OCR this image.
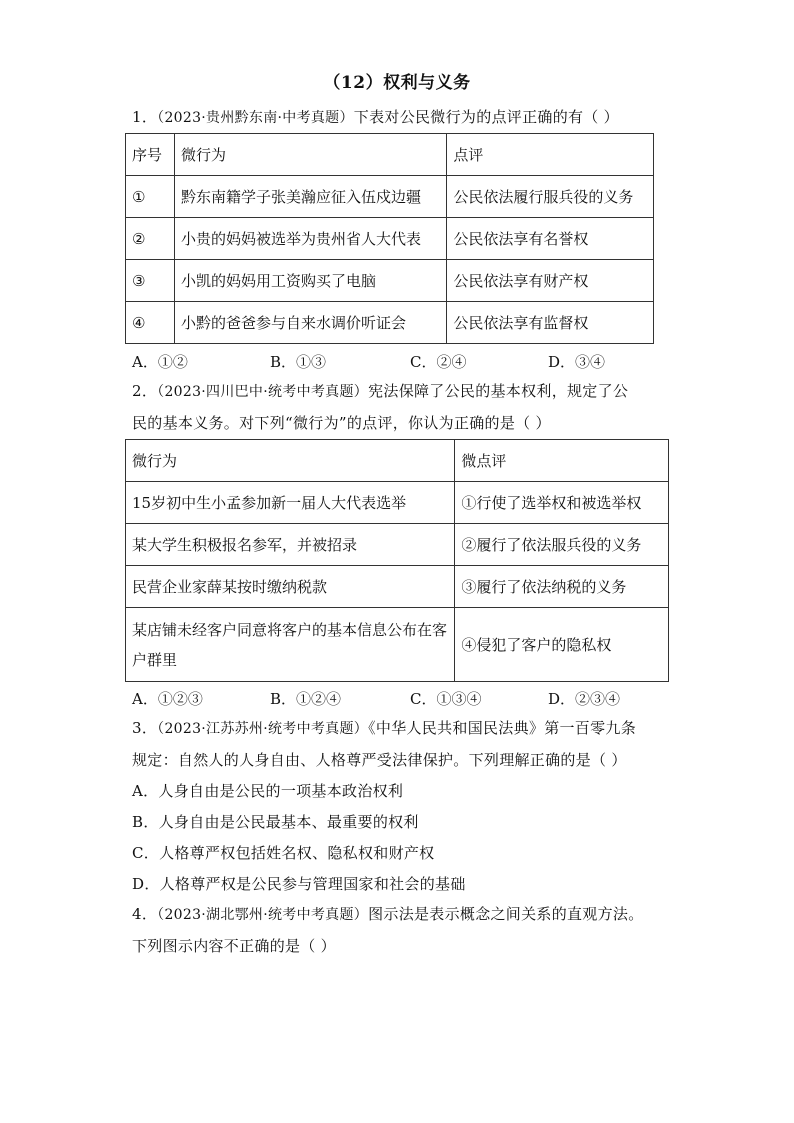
（12）权利与义务
1．（2023·贵州黔东南·中考真题）下表对公民微行为的点评正确的有（ ）
序号	微行为	点评
①	黔东南籍学子张美瀚应征入伍戍边疆	公民依法履行服兵役的义务
②	小贵的妈妈被选举为贵州省人大代表	公民依法享有名誉权
③	小凯的妈妈用工资购买了电脑	公民依法享有财产权
④	小黔的爸爸参与自来水调价听证会	公民依法享有监督权
A．①②	B．①③	C．②④	D．③④
2．（2023·四川巴中·统考中考真题）宪法保障了公民的基本权利，规定了公
民的基本义务。对下列“微行为”的点评，你认为正确的是（ ）
微行为	微点评
15岁初中生小孟参加新一届人大代表选举	①行使了选举权和被选举权
某大学生积极报名参军，并被招录	②履行了依法服兵役的义务
民营企业家薛某按时缴纳税款	③履行了依法纳税的义务
某店铺未经客户同意将客户的基本信息公布在客户群里	④侵犯了客户的隐私权
A．①②③	B．①②④	C．①③④	D．②③④
3．（2023·江苏苏州·统考中考真题）《中华人民共和国民法典》第一百零九条
规定：自然人的人身自由、人格尊严受法律保护。下列理解正确的是（ ）
A．人身自由是公民的一项基本政治权利
B．人身自由是公民最基本、最重要的权利
C．人格尊严权包括姓名权、隐私权和财产权
D．人格尊严权是公民参与管理国家和社会的基础
4．（2023·湖北鄂州·统考中考真题）图示法是表示概念之间关系的直观方法。
下列图示内容不正确的是（ ）
